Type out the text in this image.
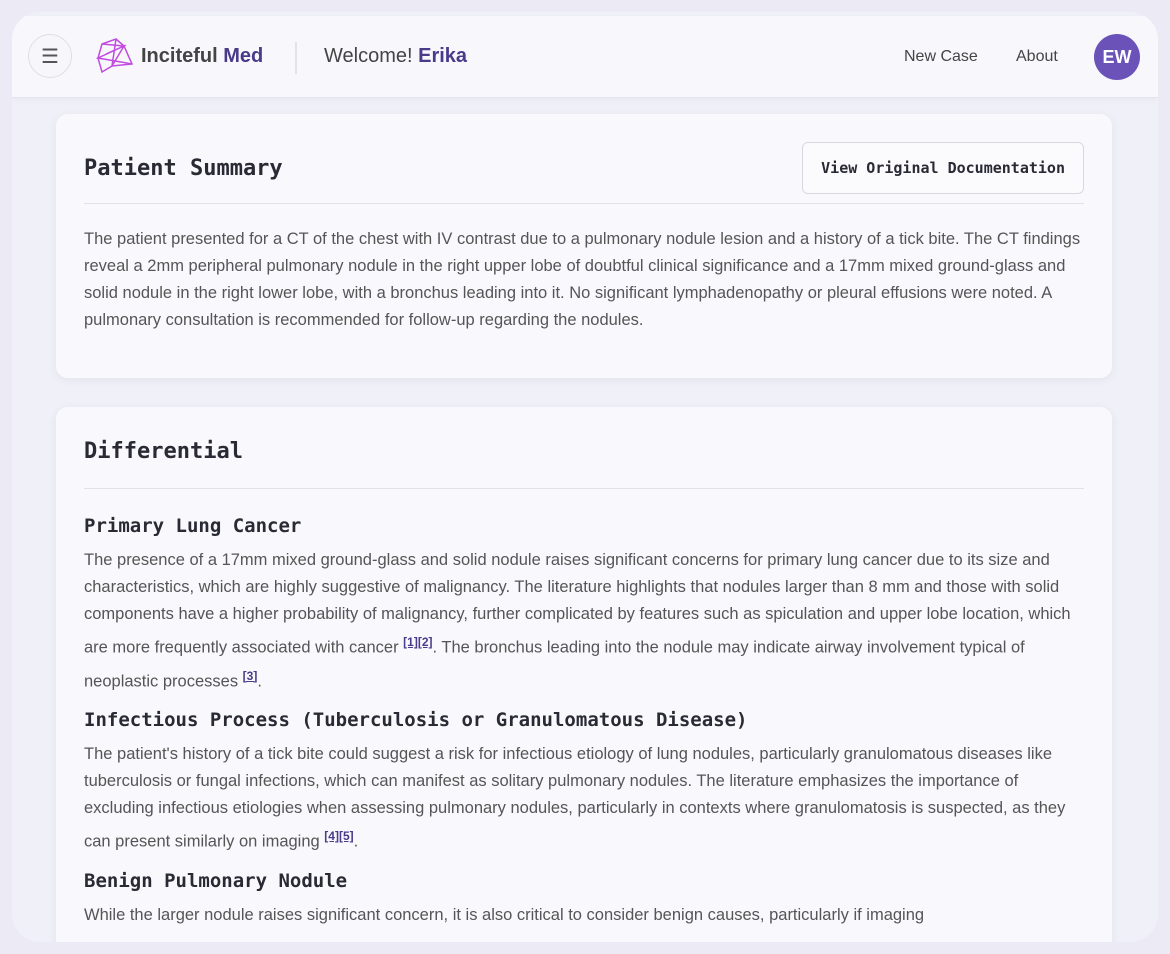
☰	Inciteful Med	Welcome! Erika	New Case About	EW
Patient Summary	View Original Documentation

The patient presented for a CT of the chest with IV contrast due to a pulmonary nodule lesion and a history of a tick bite. The CT findings reveal a 2mm peripheral pulmonary nodule in the right upper lobe of doubtful clinical significance and a 17mm mixed ground-glass and solid nodule in the right lower lobe, with a bronchus leading into it. No significant lymphadenopathy or pleural effusions were noted. A pulmonary consultation is recommended for follow-up regarding the nodules.

Differential
Primary Lung Cancer

The presence of a 17mm mixed ground-glass and solid nodule raises significant concerns for primary lung cancer due to its size and characteristics, which are highly suggestive of malignancy. The literature highlights that nodules larger than 8 mm and those with solid components have a higher probability of malignancy, further complicated by features such as spiculation and upper lobe location, which are more frequently associated with cancer [1][2]. The bronchus leading into the nodule may indicate airway involvement typical of neoplastic processes [3].

Infectious Process (Tuberculosis or Granulomatous Disease)

The patient's history of a tick bite could suggest a risk for infectious etiology of lung nodules, particularly granulomatous diseases like tuberculosis or fungal infections, which can manifest as solitary pulmonary nodules. The literature emphasizes the importance of excluding infectious etiologies when assessing pulmonary nodules, particularly in contexts where granulomatosis is suspected, as they can present similarly on imaging [4][5].

Benign Pulmonary Nodule

While the larger nodule raises significant concern, it is also critical to consider benign causes, particularly if imaging
